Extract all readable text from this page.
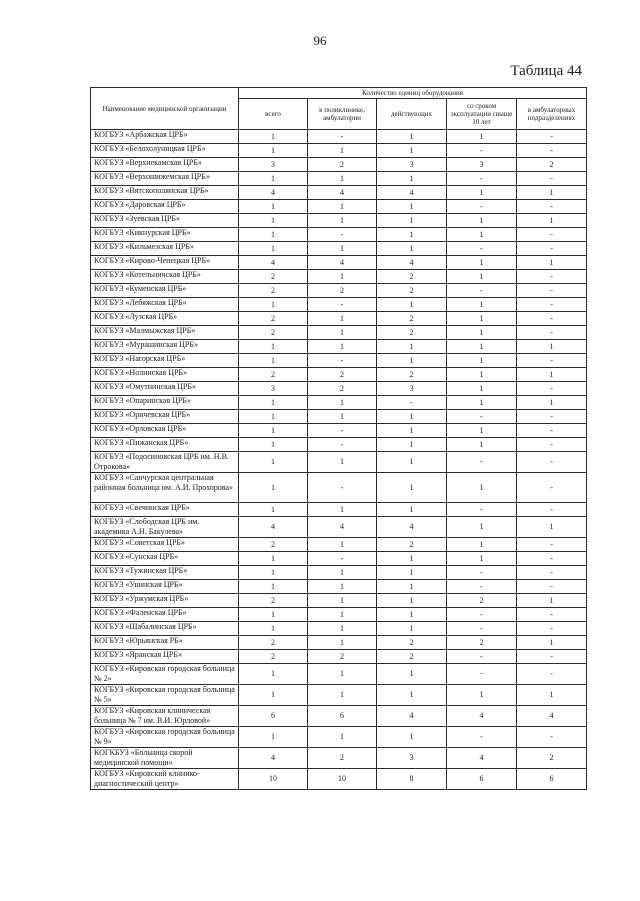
96
Таблица 44
Наименование медицинской организации	Количество единиц оборудования				
	всего	в поликлинике, амбулатории	действующих	со сроком эксплуатации свыше 10 лет	в амбулаторных подразделениях
КОГБУЗ «Арбажская ЦРБ»	1	-	1	1	-
КОГБУЗ «Белохолуницкая ЦРБ»	1	1	1	-	-
КОГБУЗ «Верхнекамская ЦРБ»	3	2	3	3	2
КОГБУЗ «Верхошижемская ЦРБ»	1	1	1	-	-
КОГБУЗ «Вятскополянская ЦРБ»	4	4	4	1	1
КОГБУЗ «Даровская ЦРБ»	1	1	1	-	-
КОГБУЗ «Зуевская ЦРБ»	1	1	1	1	1
КОГБУЗ «Кикнурская ЦРБ»	1	-	1	1	-
КОГБУЗ «Кильмезская ЦРБ»	1	1	1	-	-
КОГБУЗ «Кирово-Чепецкая ЦРБ»	4	4	4	1	1
КОГБУЗ «Котельничская ЦРБ»	2	1	2	1	-
КОГБУЗ «Куменская ЦРБ»	2	2	2	-	-
КОГБУЗ «Лебяжская ЦРБ»	1	-	1	1	-
КОГБУЗ «Лузская ЦРБ»	2	1	2	1	-
КОГБУЗ «Малмыжская ЦРБ»	2	1	2	1	-
КОГБУЗ «Мурашинская ЦРБ»	1	1	1	1	1
КОГБУЗ «Нагорская ЦРБ»	1	-	1	1	-
КОГБУЗ «Нолинская ЦРБ»	2	2	2	1	1
КОГБУЗ «Омутнинская ЦРБ»	3	2	3	1	-
КОГБУЗ «Опаринская ЦРБ»	1	1	-	1	1
КОГБУЗ «Оричевская ЦРБ»	1	1	1	-	-
КОГБУЗ «Орловская ЦРБ»	1	-	1	1	-
КОГБУЗ «Пижанская ЦРБ»	1	-	1	1	-
КОГБУЗ «Подосиновская ЦРБ им. Н.В. Отрокова»	1	1	1	-	-
КОГБУЗ «Санчурская центральная районная больница им. А.И. Прохорова»	1	-	1	1	-
КОГБУЗ «Свечинская ЦРБ»	1	1	1	-	-
КОГБУЗ «Слободская ЦРБ им. академика А.Н. Бакулева»	4	4	4	1	1
КОГБУЗ «Советская ЦРБ»	2	1	2	1	-
КОГБУЗ «Сунская ЦРБ»	1	-	1	1	-
КОГБУЗ «Тужинская ЦРБ»	1	1	1	-	-
КОГБУЗ «Унинская ЦРБ»	1	1	1	-	-
КОГБУЗ «Уржумская ЦРБ»	2	1	1	2	1
КОГБУЗ «Фаленская ЦРБ»	1	1	1	-	-
КОГБУЗ «Шабалинская ЦРБ»	1	1	1	-	-
КОГБУЗ «Юрьянская РБ»	2	1	2	2	1
КОГБУЗ «Яранская ЦРБ»	2	2	2	-	-
КОГБУЗ «Кировская городская больница № 2»	1	1	1	-	-
КОГБУЗ «Кировская городская больница № 5»	1	1	1	1	1
КОГБУЗ «Кировская клиническая больница № 7 им. В.И. Юрловой»	6	6	4	4	4
КОГБУЗ «Кировская городская больница № 9»	1	1	1	-	-
КОГКБУЗ «Больница скорой медицинской помощи»	4	2	3	4	2
КОГБУЗ «Кировский клинико-диагностический центр»	10	10	8	6	6
